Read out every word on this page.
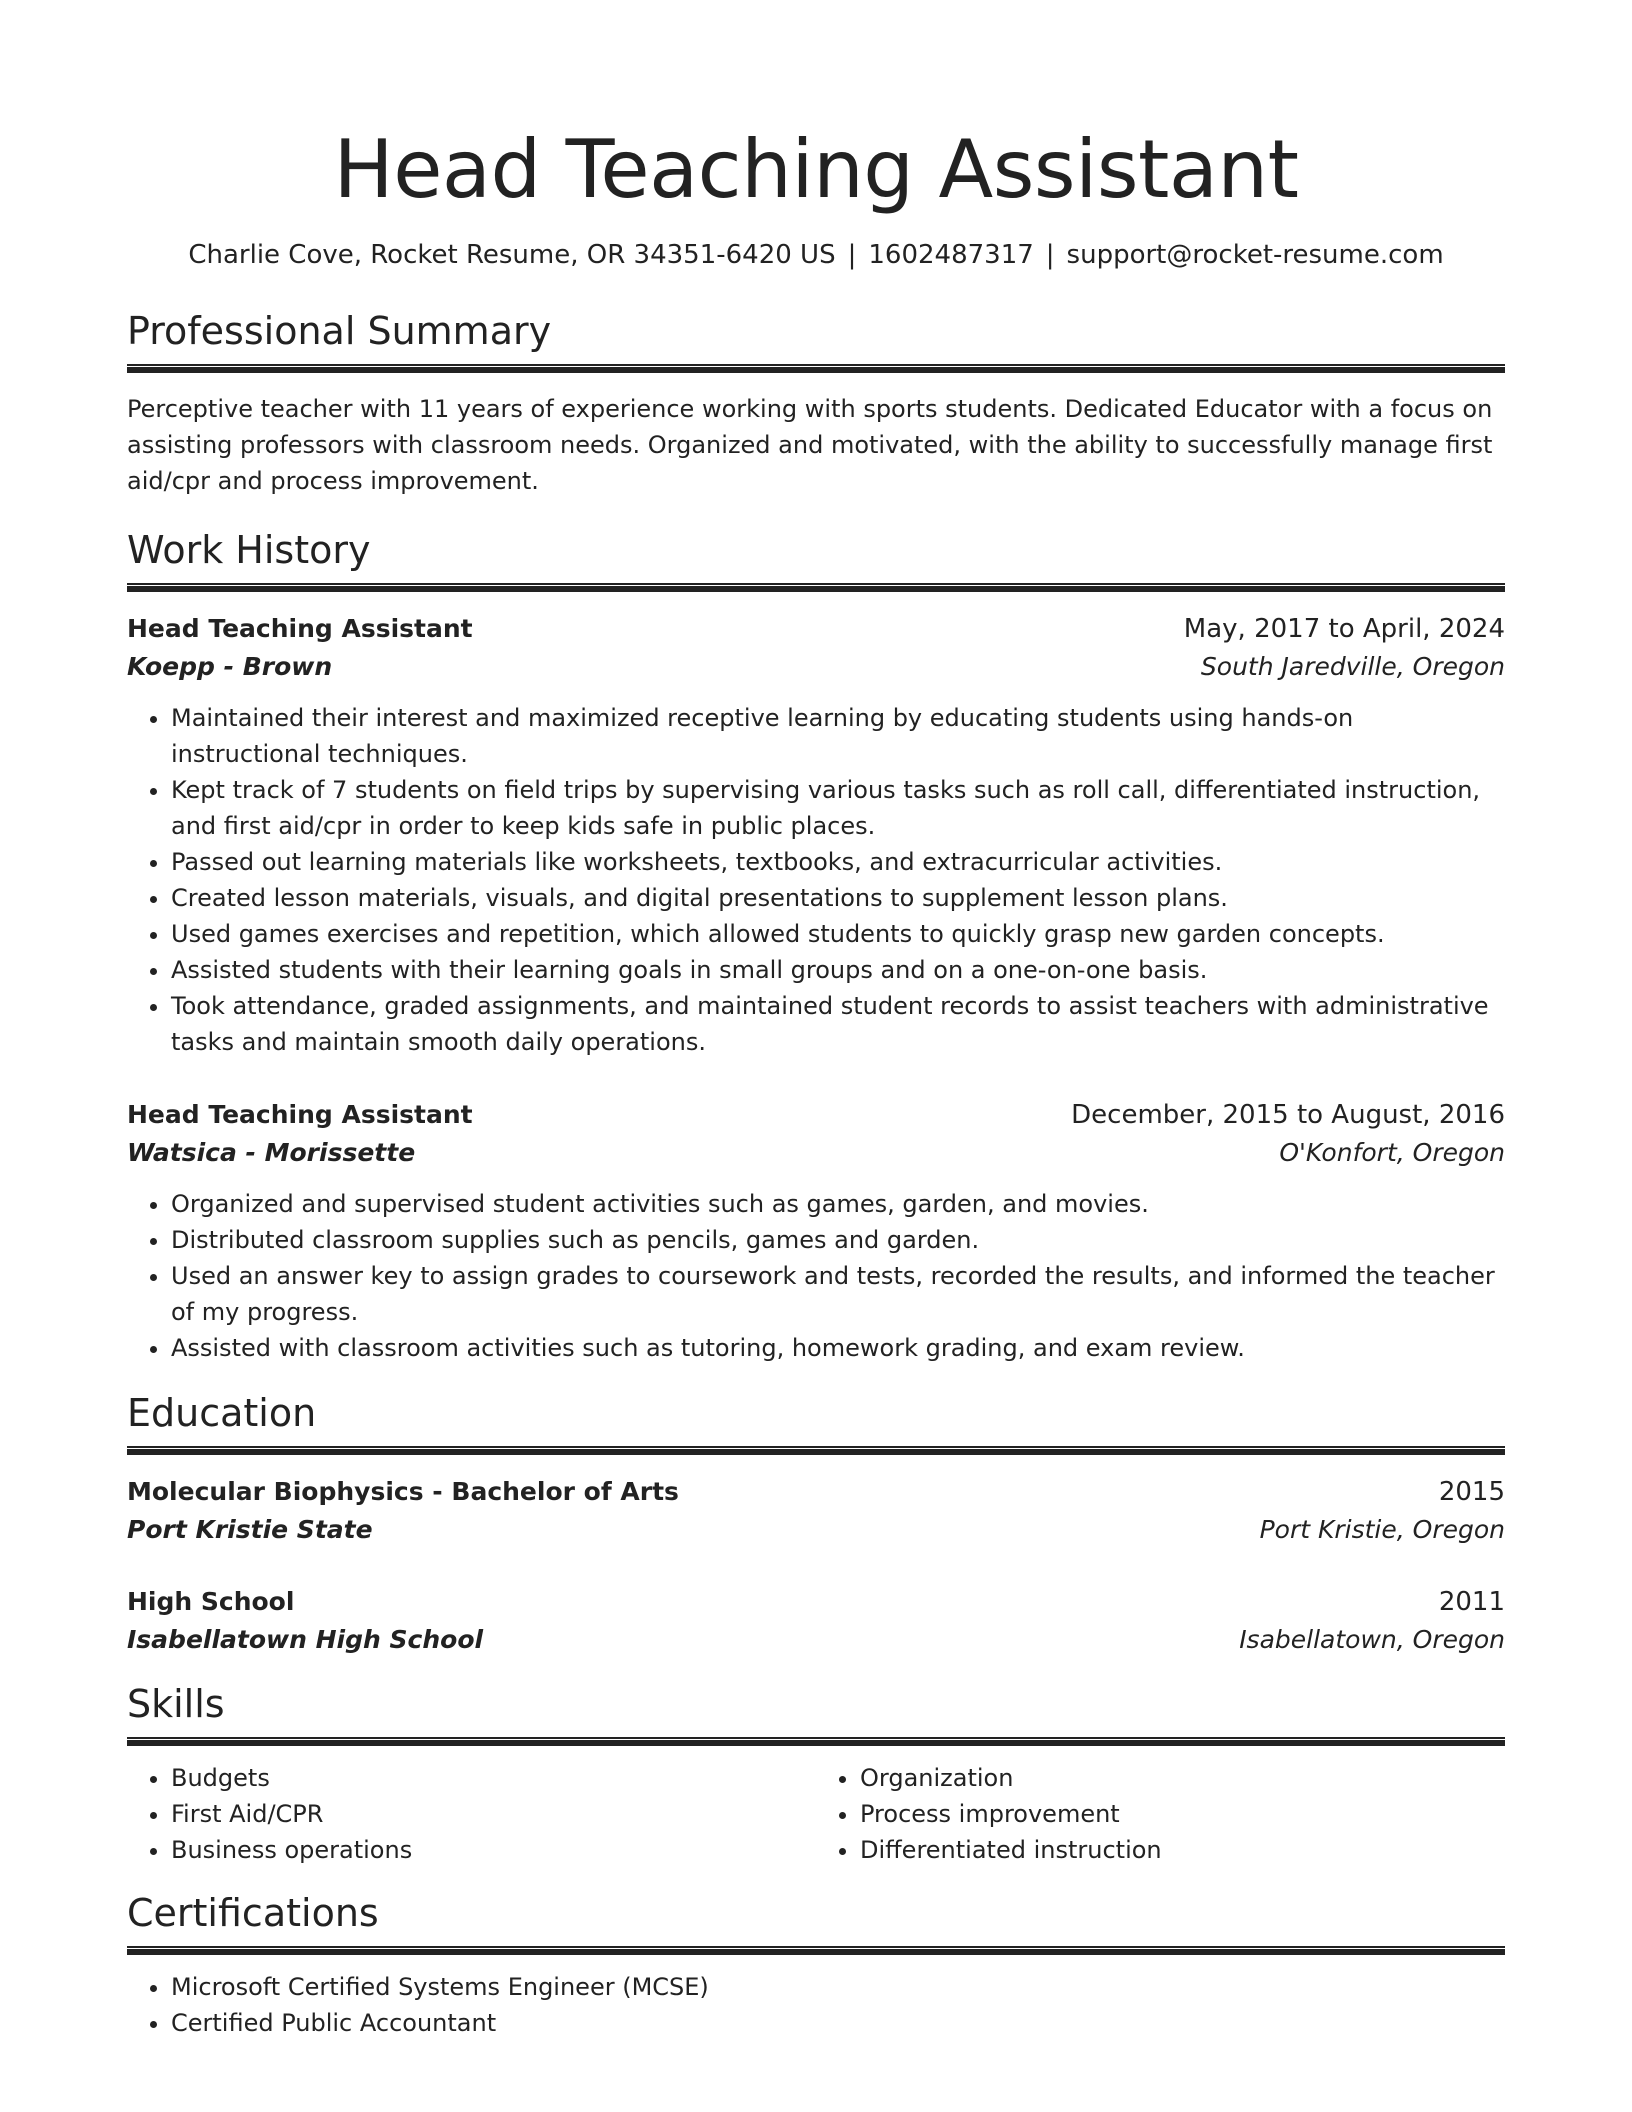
Head Teaching Assistant
Charlie Cove, Rocket Resume, OR 34351-6420 US | 1602487317 | support@rocket-resume.com
Professional Summary

Perceptive teacher with 11 years of experience working with sports students. Dedicated Educator with a focus on assisting professors with classroom needs. Organized and motivated, with the ability to successfully manage first aid/cpr and process improvement.

Work History
Head Teaching Assistant	May, 2017 to April, 2024
Koepp - Brown	South Jaredville, Oregon
• Maintained their interest and maximized receptive learning by educating students using hands-on instructional techniques.
• Kept track of 7 students on field trips by supervising various tasks such as roll call, differentiated instruction, and first aid/cpr in order to keep kids safe in public places.
• Passed out learning materials like worksheets, textbooks, and extracurricular activities.
• Created lesson materials, visuals, and digital presentations to supplement lesson plans.
• Used games exercises and repetition, which allowed students to quickly grasp new garden concepts.
• Assisted students with their learning goals in small groups and on a one-on-one basis.
• Took attendance, graded assignments, and maintained student records to assist teachers with administrative tasks and maintain smooth daily operations.
Head Teaching Assistant	December, 2015 to August, 2016
Watsica - Morissette	O'Konfort, Oregon
• Organized and supervised student activities such as games, garden, and movies.
• Distributed classroom supplies such as pencils, games and garden.
• Used an answer key to assign grades to coursework and tests, recorded the results, and informed the teacher of my progress.
• Assisted with classroom activities such as tutoring, homework grading, and exam review.
Education
Molecular Biophysics - Bachelor of Arts	2015
Port Kristie State	Port Kristie, Oregon
High School	2011
Isabellatown High School	Isabellatown, Oregon
Skills
• Budgets
• First Aid/CPR
• Business operations
• Organization
• Process improvement
• Differentiated instruction
Certifications
• Microsoft Certified Systems Engineer (MCSE)
• Certified Public Accountant
